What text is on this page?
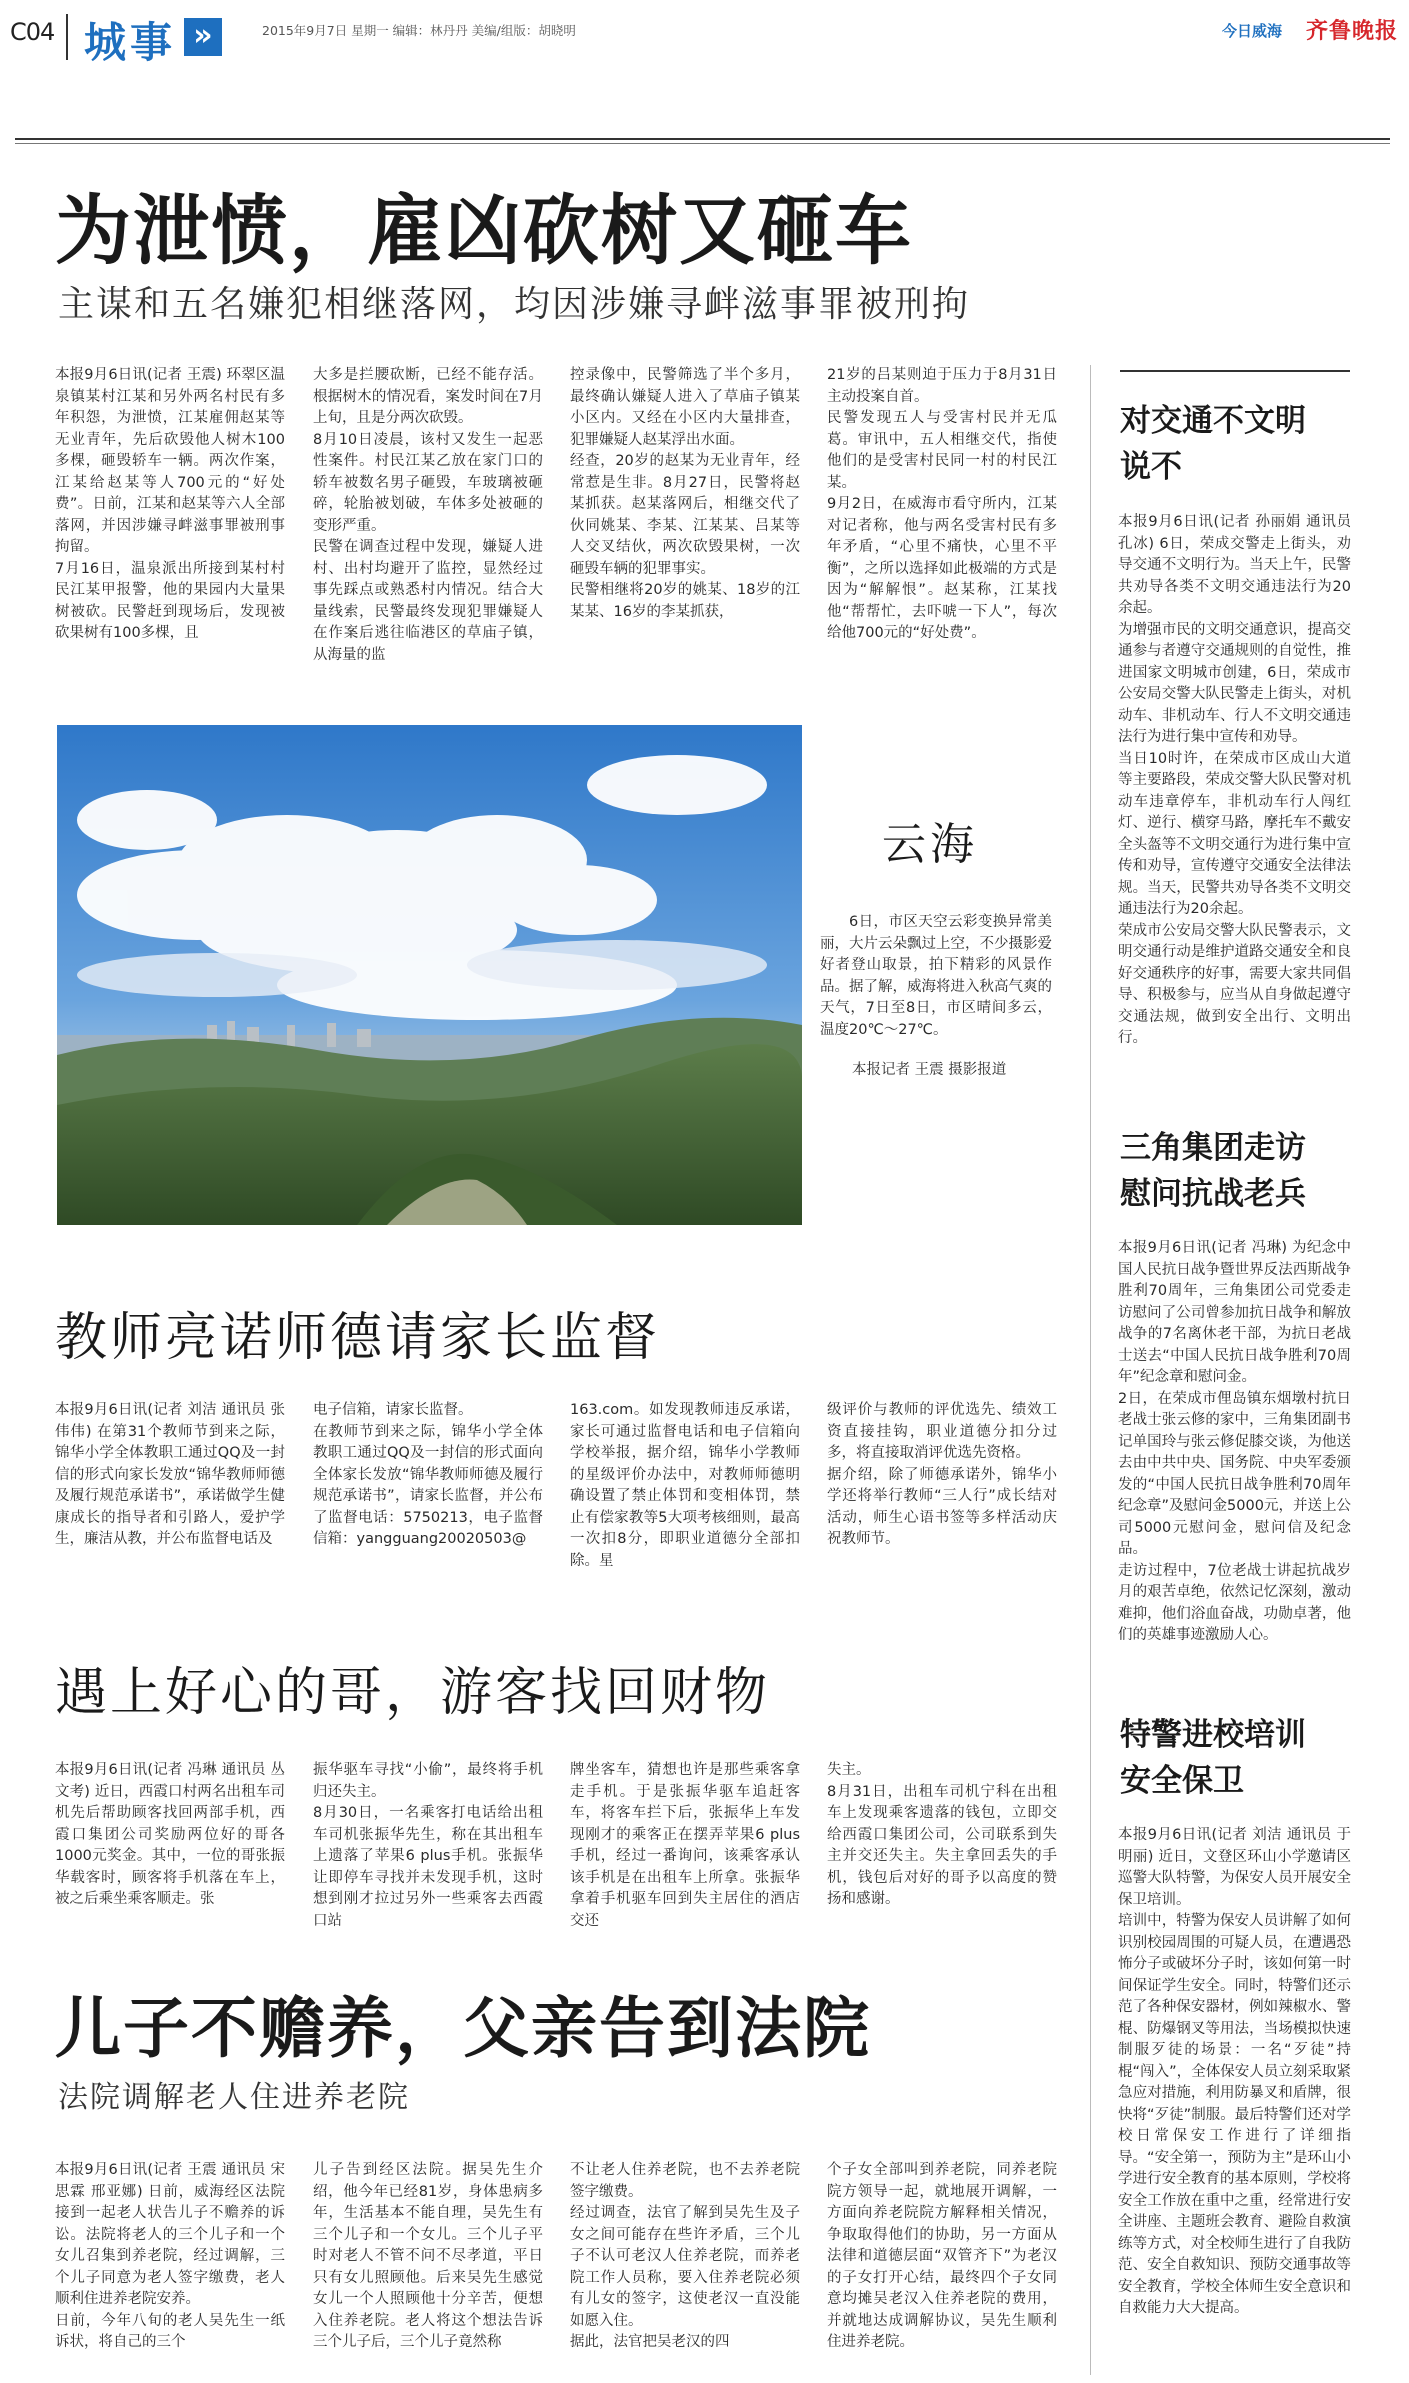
C04 城事 »	2015年9月7日 星期一 编辑：林丹丹 美编/组版：胡晓明	今日威海 齐鲁晚报
为泄愤，雇凶砍树又砸车
主谋和五名嫌犯相继落网，均因涉嫌寻衅滋事罪被刑拘
本报9月6日讯(记者 王震) 环翠区温泉镇某村江某和另外两名村民有多年积怨，为泄愤，江某雇佣赵某等无业青年，先后砍毁他人树木100多棵，砸毁轿车一辆。两次作案，江某给赵某等人700元的“好处费”。日前，江某和赵某等六人全部落网，并因涉嫌寻衅滋事罪被刑事拘留。
7月16日，温泉派出所接到某村村民江某甲报警，他的果园内大量果树被砍。民警赶到现场后，发现被砍果树有100多棵，且
大多是拦腰砍断，已经不能存活。根据树木的情况看，案发时间在7月上旬，且是分两次砍毁。
8月10日凌晨，该村又发生一起恶性案件。村民江某乙放在家门口的轿车被数名男子砸毁，车玻璃被砸碎，轮胎被划破，车体多处被砸的变形严重。
民警在调查过程中发现，嫌疑人进村、出村均避开了监控，显然经过事先踩点或熟悉村内情况。结合大量线索，民警最终发现犯罪嫌疑人在作案后逃往临港区的草庙子镇，从海量的监
控录像中，民警筛选了半个多月，最终确认嫌疑人进入了草庙子镇某小区内。又经在小区内大量排查，犯罪嫌疑人赵某浮出水面。
经查，20岁的赵某为无业青年，经常惹是生非。8月27日，民警将赵某抓获。赵某落网后，相继交代了伙同姚某、李某、江某某、吕某等人交叉结伙，两次砍毁果树，一次砸毁车辆的犯罪事实。
民警相继将20岁的姚某、18岁的江某某、16岁的李某抓获，
21岁的吕某则迫于压力于8月31日主动投案自首。
民警发现五人与受害村民并无瓜葛。审讯中，五人相继交代，指使他们的是受害村民同一村的村民江某。
9月2日，在威海市看守所内，江某对记者称，他与两名受害村民有多年矛盾，“心里不痛快，心里不平衡”，之所以选择如此极端的方式是因为“解解恨”。赵某称，江某找他“帮帮忙，去吓唬一下人”，每次给他700元的“好处费”。
云海
6日，市区天空云彩变换异常美丽，大片云朵飘过上空，不少摄影爱好者登山取景，拍下精彩的风景作品。据了解，威海将进入秋高气爽的天气，7日至8日，市区晴间多云，温度20℃～27℃。
本报记者 王震 摄影报道
教师亮诺师德请家长监督
本报9月6日讯(记者 刘洁 通讯员 张伟伟) 在第31个教师节到来之际，锦华小学全体教职工通过QQ及一封信的形式向家长发放“锦华教师师德及履行规范承诺书”，承诺做学生健康成长的指导者和引路人，爱护学生，廉洁从教，并公布监督电话及
电子信箱，请家长监督。
在教师节到来之际，锦华小学全体教职工通过QQ及一封信的形式面向全体家长发放“锦华教师师德及履行规范承诺书”，请家长监督，并公布了监督电话：5750213，电子监督信箱：yangguang20020503@
163.com。如发现教师违反承诺，家长可通过监督电话和电子信箱向学校举报，据介绍，锦华小学教师的星级评价办法中，对教师师德明确设置了禁止体罚和变相体罚，禁止有偿家教等5大项考核细则，最高一次扣8分，即职业道德分全部扣除。星
级评价与教师的评优选先、绩效工资直接挂钩，职业道德分扣分过多，将直接取消评优选先资格。
据介绍，除了师德承诺外，锦华小学还将举行教师“三人行”成长结对活动，师生心语书签等多样活动庆祝教师节。
遇上好心的哥，游客找回财物
本报9月6日讯(记者 冯琳 通讯员 丛文考) 近日，西霞口村两名出租车司机先后帮助顾客找回两部手机，西霞口集团公司奖励两位好的哥各1000元奖金。其中，一位的哥张振华载客时，顾客将手机落在车上，被之后乘坐乘客顺走。张
振华驱车寻找“小偷”，最终将手机归还失主。
8月30日，一名乘客打电话给出租车司机张振华先生，称在其出租车上遗落了苹果6 plus手机。张振华让即停车寻找并未发现手机，这时想到刚才拉过另外一些乘客去西霞口站
牌坐客车，猜想也许是那些乘客拿走手机。于是张振华驱车追赶客车，将客车拦下后，张振华上车发现刚才的乘客正在摆弄苹果6 plus手机，经过一番询问，该乘客承认该手机是在出租车上所拿。张振华拿着手机驱车回到失主居住的酒店交还
失主。
8月31日，出租车司机宁科在出租车上发现乘客遗落的钱包，立即交给西霞口集团公司，公司联系到失主并交还失主。失主拿回丢失的手机，钱包后对好的哥予以高度的赞扬和感谢。
儿子不赡养，父亲告到法院
法院调解老人住进养老院
本报9月6日讯(记者 王震 通讯员 宋思霖 邢亚娜) 日前，威海经区法院接到一起老人状告儿子不赡养的诉讼。法院将老人的三个儿子和一个女儿召集到养老院，经过调解，三个儿子同意为老人签字缴费，老人顺利住进养老院安养。
日前，今年八旬的老人吴先生一纸诉状，将自己的三个
儿子告到经区法院。据吴先生介绍，他今年已经81岁，身体患病多年，生活基本不能自理，吴先生有三个儿子和一个女儿。三个儿子平时对老人不管不问不尽孝道，平日只有女儿照顾他。后来吴先生感觉女儿一个人照顾他十分辛苦，便想入住养老院。老人将这个想法告诉三个儿子后，三个儿子竟然称
不让老人住养老院，也不去养老院签字缴费。
经过调查，法官了解到吴先生及子女之间可能存在些许矛盾，三个儿子不认可老汉人住养老院，而养老院工作人员称，要入住养老院必须有儿女的签字，这使老汉一直没能如愿入住。
据此，法官把吴老汉的四
个子女全部叫到养老院，同养老院院方领导一起，就地展开调解，一方面向养老院院方解释相关情况，争取取得他们的协助，另一方面从法律和道德层面“双管齐下”为老汉的子女打开心结，最终四个子女同意均摊吴老汉入住养老院的费用，并就地达成调解协议，吴先生顺利住进养老院。
对交通不文明说不
本报9月6日讯(记者 孙丽娟 通讯员 孔冰) 6日，荣成交警走上街头，劝导交通不文明行为。当天上午，民警共劝导各类不文明交通违法行为20余起。
为增强市民的文明交通意识，提高交通参与者遵守交通规则的自觉性，推进国家文明城市创建，6日，荣成市公安局交警大队民警走上街头，对机动车、非机动车、行人不文明交通违法行为进行集中宣传和劝导。
当日10时许，在荣成市区成山大道等主要路段，荣成交警大队民警对机动车违章停车，非机动车行人闯红灯、逆行、横穿马路，摩托车不戴安全头盔等不文明交通行为进行集中宣传和劝导，宣传遵守交通安全法律法规。当天，民警共劝导各类不文明交通违法行为20余起。
荣成市公安局交警大队民警表示，文明交通行动是维护道路交通安全和良好交通秩序的好事，需要大家共同倡导、积极参与，应当从自身做起遵守交通法规，做到安全出行、文明出行。
三角集团走访慰问抗战老兵
本报9月6日讯(记者 冯琳) 为纪念中国人民抗日战争暨世界反法西斯战争胜利70周年，三角集团公司党委走访慰问了公司曾参加抗日战争和解放战争的7名离休老干部，为抗日老战士送去“中国人民抗日战争胜利70周年”纪念章和慰问金。
2日，在荣成市俚岛镇东烟墩村抗日老战士张云修的家中，三角集团副书记单国玲与张云修促膝交谈，为他送去由中共中央、国务院、中央军委颁发的“中国人民抗日战争胜利70周年纪念章”及慰问金5000元，并送上公司5000元慰问金，慰问信及纪念品。
走访过程中，7位老战士讲起抗战岁月的艰苦卓绝，依然记忆深刻，激动难抑，他们浴血奋战，功勋卓著，他们的英雄事迹激励人心。
特警进校培训安全保卫
本报9月6日讯(记者 刘洁 通讯员 于明丽) 近日，文登区环山小学邀请区巡警大队特警，为保安人员开展安全保卫培训。
培训中，特警为保安人员讲解了如何识别校园周围的可疑人员，在遭遇恐怖分子或破坏分子时，该如何第一时间保证学生安全。同时，特警们还示范了各种保安器材，例如辣椒水、警棍、防爆钢叉等用法，当场模拟快速制服歹徒的场景：一名“歹徒”持棍“闯入”，全体保安人员立刻采取紧急应对措施，利用防暴叉和盾牌，很快将“歹徒”制服。最后特警们还对学校日常保安工作进行了详细指导。“安全第一，预防为主”是环山小学进行安全教育的基本原则，学校将安全工作放在重中之重，经常进行安全讲座、主题班会教育、避险自救演练等方式，对全校师生进行了自我防范、安全自救知识、预防交通事故等安全教育，学校全体师生安全意识和自救能力大大提高。
